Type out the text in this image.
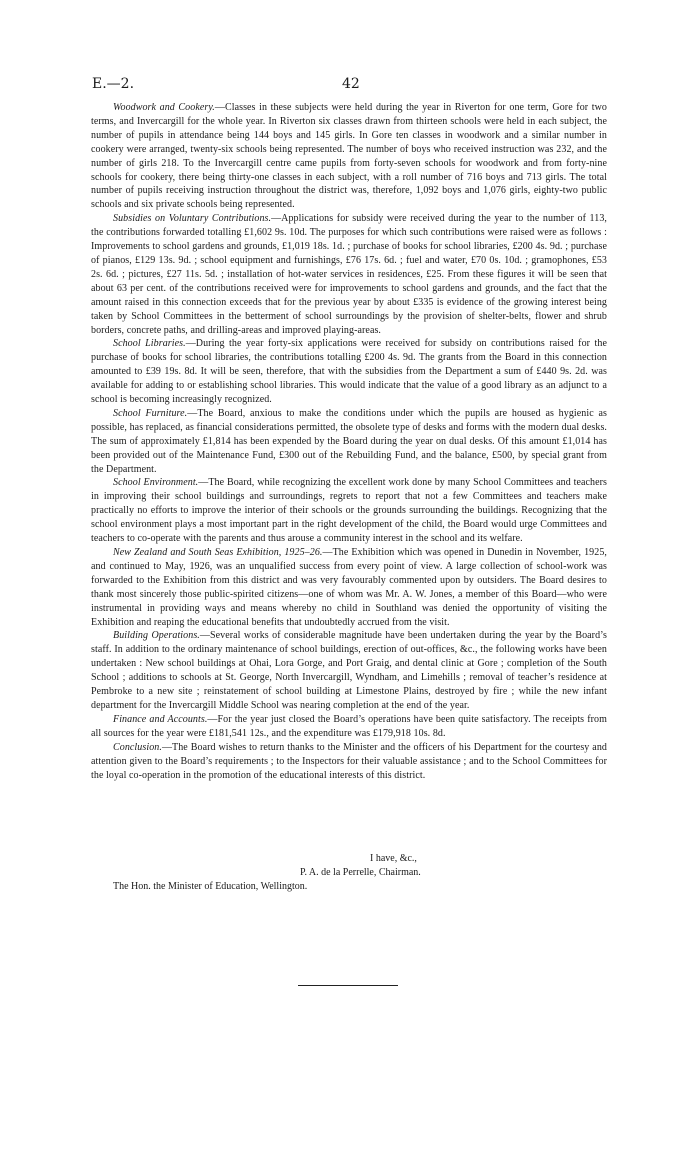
E.—2.	42

Woodwork and Cookery.—Classes in these subjects were held during the year in Riverton for one term, Gore for two terms, and Invercargill for the whole year. In Riverton six classes drawn from thirteen schools were held in each subject, the number of pupils in attendance being 144 boys and 145 girls. In Gore ten classes in woodwork and a similar number in cookery were arranged, twenty-six schools being represented. The number of boys who received instruction was 232, and the number of girls 218. To the Invercargill centre came pupils from forty-seven schools for woodwork and from forty-nine schools for cookery, there being thirty-one classes in each subject, with a roll number of 716 boys and 713 girls. The total number of pupils receiving instruction throughout the district was, therefore, 1,092 boys and 1,076 girls, eighty-two public schools and six private schools being represented.

Subsidies on Voluntary Contributions.—Applications for subsidy were received during the year to the number of 113, the contributions forwarded totalling £1,602 9s. 10d. The purposes for which such contributions were raised were as follows : Improvements to school gardens and grounds, £1,019 18s. 1d. ; purchase of books for school libraries, £200 4s. 9d. ; purchase of pianos, £129 13s. 9d. ; school equipment and furnishings, £76 17s. 6d. ; fuel and water, £70 0s. 10d. ; gramophones, £53 2s. 6d. ; pictures, £27 11s. 5d. ; installation of hot-water services in residences, £25. From these figures it will be seen that about 63 per cent. of the contributions received were for improvements to school gardens and grounds, and the fact that the amount raised in this connection exceeds that for the previous year by about £335 is evidence of the growing interest being taken by School Committees in the betterment of school surroundings by the provision of shelter-belts, flower and shrub borders, concrete paths, and drilling-areas and improved playing-areas.

School Libraries.—During the year forty-six applications were received for subsidy on contributions raised for the purchase of books for school libraries, the contributions totalling £200 4s. 9d. The grants from the Board in this connection amounted to £39 19s. 8d. It will be seen, therefore, that with the subsidies from the Department a sum of £440 9s. 2d. was available for adding to or establishing school libraries. This would indicate that the value of a good library as an adjunct to a school is becoming increasingly recognized.

School Furniture.—The Board, anxious to make the conditions under which the pupils are housed as hygienic as possible, has replaced, as financial considerations permitted, the obsolete type of desks and forms with the modern dual desks. The sum of approximately £1,814 has been expended by the Board during the year on dual desks. Of this amount £1,014 has been provided out of the Maintenance Fund, £300 out of the Rebuilding Fund, and the balance, £500, by special grant from the Department.

School Environment.—The Board, while recognizing the excellent work done by many School Committees and teachers in improving their school buildings and surroundings, regrets to report that not a few Committees and teachers make practically no efforts to improve the interior of their schools or the grounds surrounding the buildings. Recognizing that the school environment plays a most important part in the right development of the child, the Board would urge Committees and teachers to co-operate with the parents and thus arouse a community interest in the school and its welfare.

New Zealand and South Seas Exhibition, 1925–26.—The Exhibition which was opened in Dunedin in November, 1925, and continued to May, 1926, was an unqualified success from every point of view. A large collection of school-work was forwarded to the Exhibition from this district and was very favourably commented upon by outsiders. The Board desires to thank most sincerely those public-spirited citizens—one of whom was Mr. A. W. Jones, a member of this Board—who were instrumental in providing ways and means whereby no child in Southland was denied the opportunity of visiting the Exhibition and reaping the educational benefits that undoubtedly accrued from the visit.

Building Operations.—Several works of considerable magnitude have been undertaken during the year by the Board’s staff. In addition to the ordinary maintenance of school buildings, erection of out-offices, &c., the following works have been undertaken : New school buildings at Ohai, Lora Gorge, and Port Graig, and dental clinic at Gore ; completion of the South School ; additions to schools at St. George, North Invercargill, Wyndham, and Limehills ; removal of teacher’s residence at Pembroke to a new site ; reinstatement of school building at Limestone Plains, destroyed by fire ; while the new infant department for the Invercargill Middle School was nearing completion at the end of the year.

Finance and Accounts.—For the year just closed the Board’s operations have been quite satisfactory. The receipts from all sources for the year were £181,541 12s., and the expenditure was £179,918 10s. 8d.

Conclusion.—The Board wishes to return thanks to the Minister and the officers of his Department for the courtesy and attention given to the Board’s requirements ; to the Inspectors for their valuable assistance ; and to the School Committees for the loyal co-operation in the promotion of the educational interests of this district.

I have, &c.,
P. A. de la Perrelle, Chairman.
The Hon. the Minister of Education, Wellington.
